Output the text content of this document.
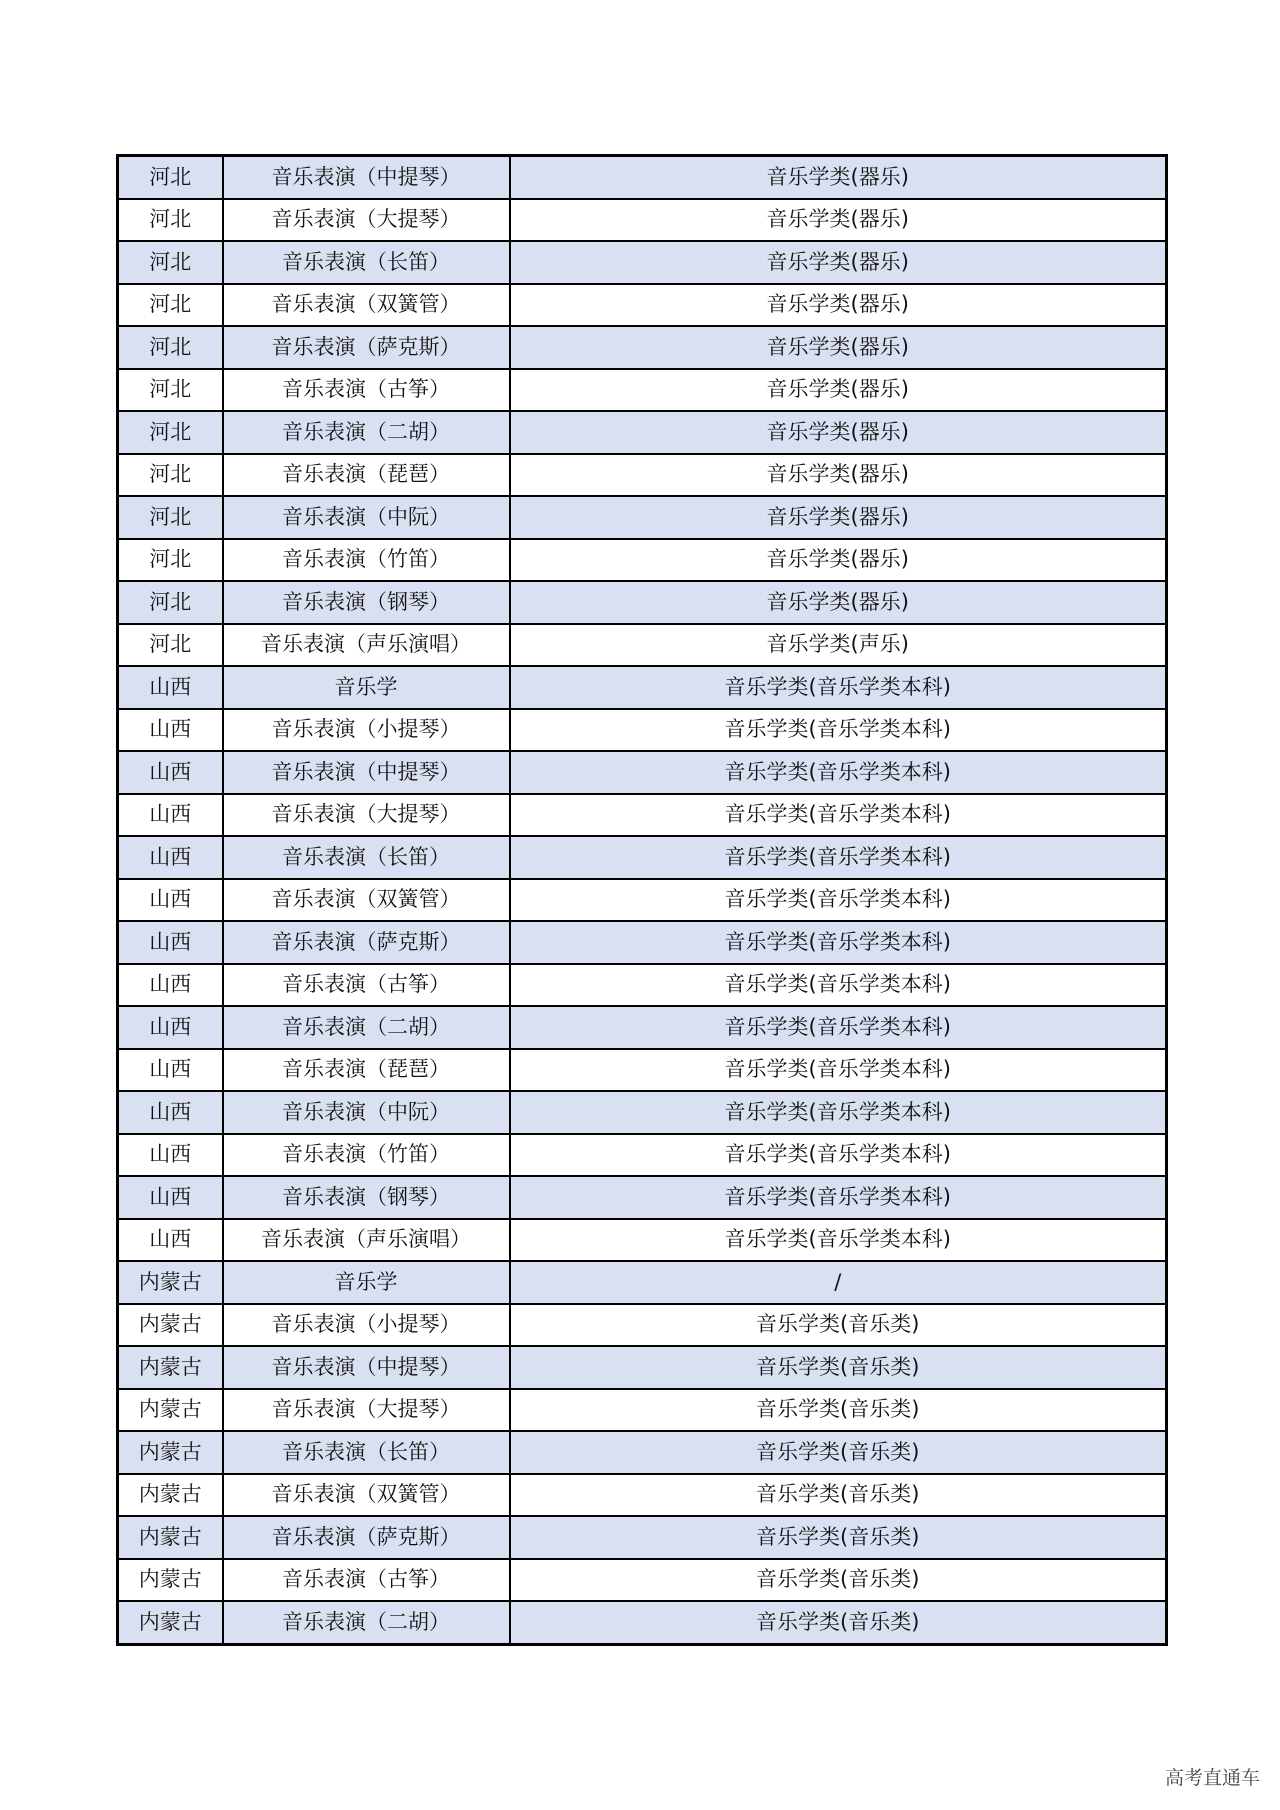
河北	音乐表演（中提琴）	音乐学类(器乐)
河北	音乐表演（大提琴）	音乐学类(器乐)
河北	音乐表演（长笛）	音乐学类(器乐)
河北	音乐表演（双簧管）	音乐学类(器乐)
河北	音乐表演（萨克斯）	音乐学类(器乐)
河北	音乐表演（古筝）	音乐学类(器乐)
河北	音乐表演（二胡）	音乐学类(器乐)
河北	音乐表演（琵琶）	音乐学类(器乐)
河北	音乐表演（中阮）	音乐学类(器乐)
河北	音乐表演（竹笛）	音乐学类(器乐)
河北	音乐表演（钢琴）	音乐学类(器乐)
河北	音乐表演（声乐演唱）	音乐学类(声乐)
山西	音乐学	音乐学类(音乐学类本科)
山西	音乐表演（小提琴）	音乐学类(音乐学类本科)
山西	音乐表演（中提琴）	音乐学类(音乐学类本科)
山西	音乐表演（大提琴）	音乐学类(音乐学类本科)
山西	音乐表演（长笛）	音乐学类(音乐学类本科)
山西	音乐表演（双簧管）	音乐学类(音乐学类本科)
山西	音乐表演（萨克斯）	音乐学类(音乐学类本科)
山西	音乐表演（古筝）	音乐学类(音乐学类本科)
山西	音乐表演（二胡）	音乐学类(音乐学类本科)
山西	音乐表演（琵琶）	音乐学类(音乐学类本科)
山西	音乐表演（中阮）	音乐学类(音乐学类本科)
山西	音乐表演（竹笛）	音乐学类(音乐学类本科)
山西	音乐表演（钢琴）	音乐学类(音乐学类本科)
山西	音乐表演（声乐演唱）	音乐学类(音乐学类本科)
内蒙古	音乐学	/
内蒙古	音乐表演（小提琴）	音乐学类(音乐类)
内蒙古	音乐表演（中提琴）	音乐学类(音乐类)
内蒙古	音乐表演（大提琴）	音乐学类(音乐类)
内蒙古	音乐表演（长笛）	音乐学类(音乐类)
内蒙古	音乐表演（双簧管）	音乐学类(音乐类)
内蒙古	音乐表演（萨克斯）	音乐学类(音乐类)
内蒙古	音乐表演（古筝）	音乐学类(音乐类)
内蒙古	音乐表演（二胡）	音乐学类(音乐类)
高考直通车
